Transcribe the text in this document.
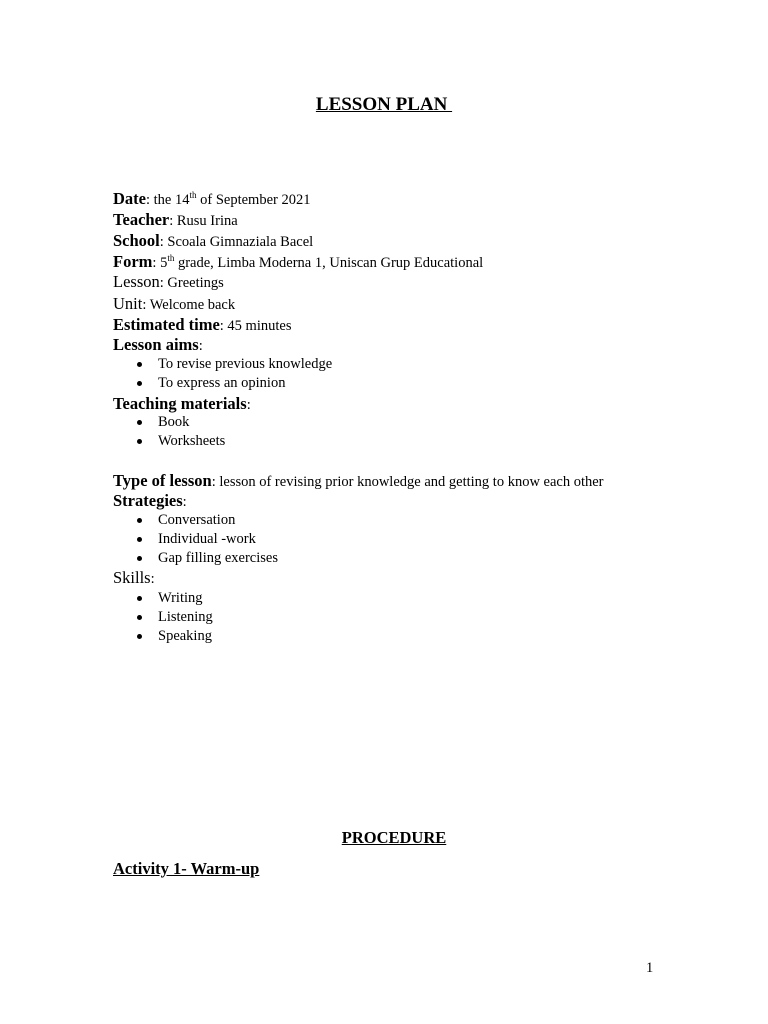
LESSON PLAN
Date: the 14th of September 2021
Teacher: Rusu Irina
School: Scoala Gimnaziala Bacel
Form: 5th grade, Limba Moderna 1, Uniscan Grup Educational
Lesson: Greetings
Unit: Welcome back
Estimated time: 45 minutes
Lesson aims:
To revise previous knowledge
To express an opinion
Teaching materials:
Book
Worksheets
Type of lesson: lesson of revising prior knowledge and getting to know each other
Strategies:
Conversation
Individual -work
Gap filling exercises
Skills:
Writing
Listening
Speaking
PROCEDURE
Activity 1- Warm-up
1
